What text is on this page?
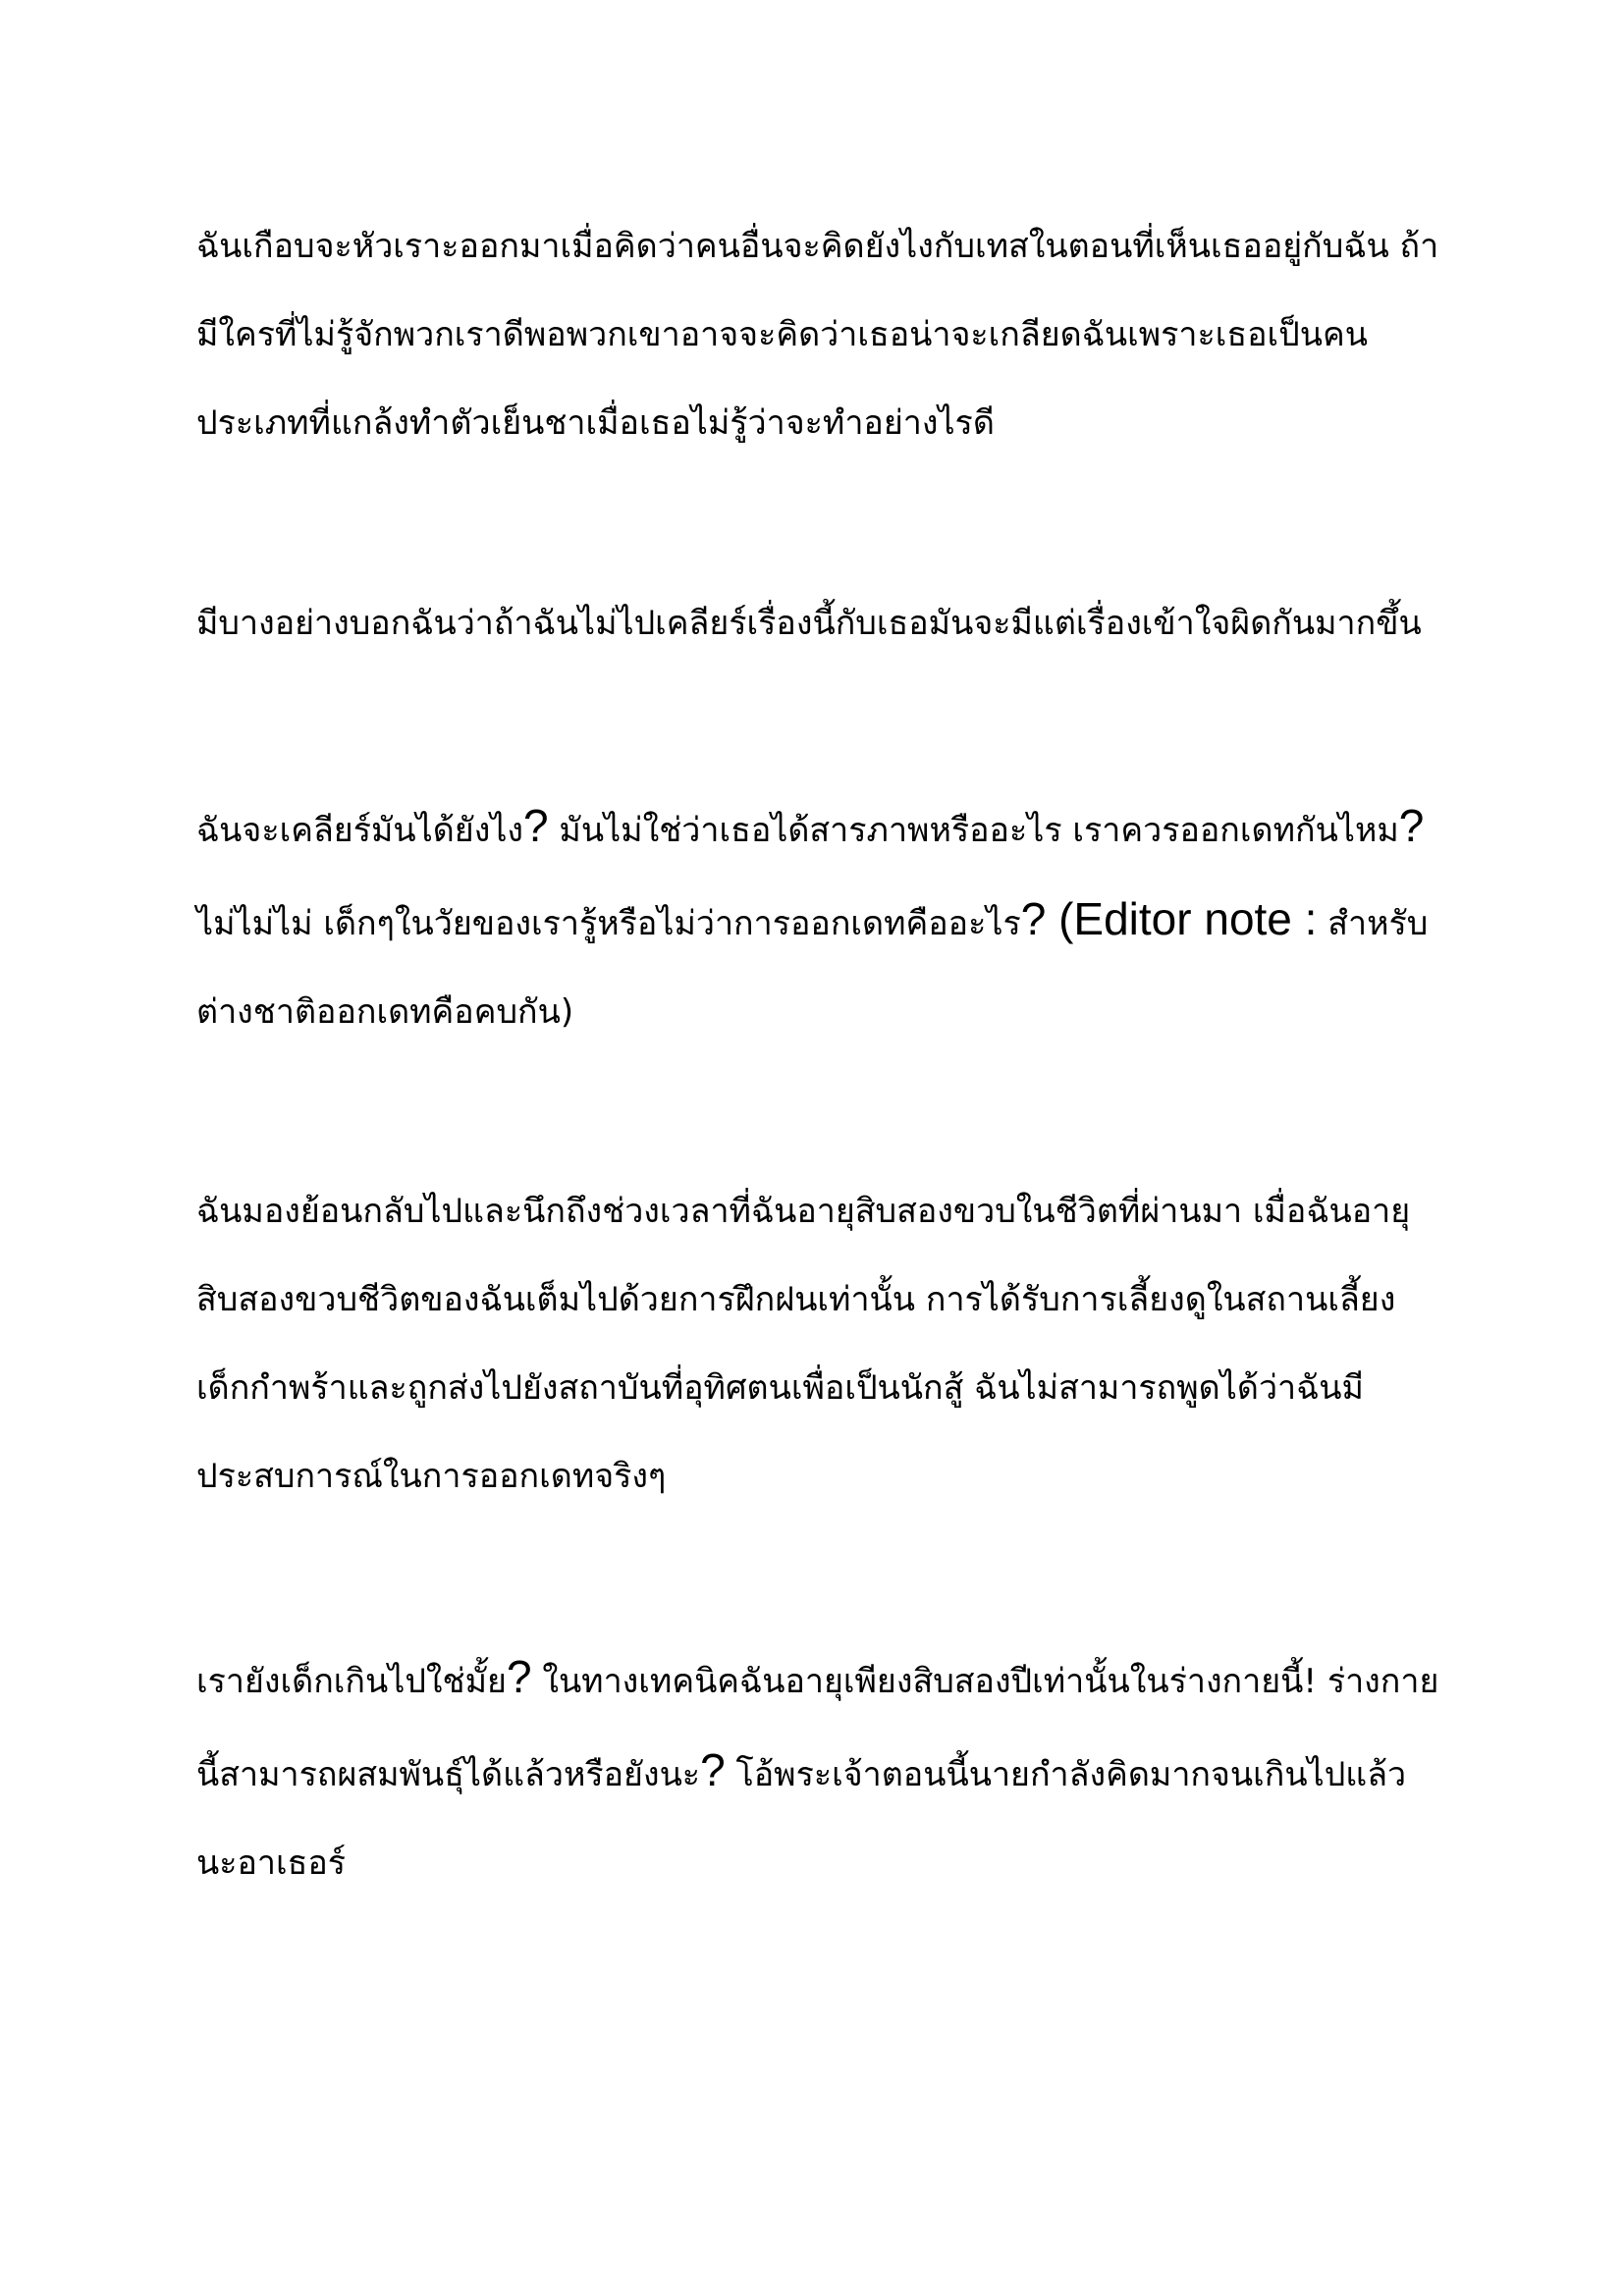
ฉันเกือบจะหัวเราะออกมาเมื่อคิดว่าคนอื่นจะคิดยังไงกับเทสในตอนที่เห็นเธออยู่กับฉัน ถ้ามีใครที่ไม่รู้จักพวกเราดีพอพวกเขาอาจจะคิดว่าเธอน่าจะเกลียดฉันเพราะเธอเป็นคนประเภทที่แกล้งทำตัวเย็นชาเมื่อเธอไม่รู้ว่าจะทำอย่างไรดี

มีบางอย่างบอกฉันว่าถ้าฉันไม่ไปเคลียร์เรื่องนี้กับเธอมันจะมีแต่เรื่องเข้าใจผิดกันมากขึ้น

ฉันจะเคลียร์มันได้ยังไง? มันไม่ใช่ว่าเธอได้สารภาพหรืออะไร เราควรออกเดทกันไหม? ไม่ไม่ไม่ เด็กๆในวัยของเรารู้หรือไม่ว่าการออกเดทคืออะไร? (Editor note : สำหรับต่างชาติออกเดทคือคบกัน)

ฉันมองย้อนกลับไปและนึกถึงช่วงเวลาที่ฉันอายุสิบสองขวบในชีวิตที่ผ่านมา เมื่อฉันอายุสิบสองขวบชีวิตของฉันเต็มไปด้วยการฝึกฝนเท่านั้น การได้รับการเลี้ยงดูในสถานเลี้ยงเด็กกำพร้าและถูกส่งไปยังสถาบันที่อุทิศตนเพื่อเป็นนักสู้ ฉันไม่สามารถพูดได้ว่าฉันมีประสบการณ์ในการออกเดทจริงๆ

เรายังเด็กเกินไปใช่มั้ย? ในทางเทคนิคฉันอายุเพียงสิบสองปีเท่านั้นในร่างกายนี้! ร่างกายนี้สามารถผสมพันธุ์ได้แล้วหรือยังนะ? โอ้พระเจ้าตอนนี้นายกำลังคิดมากจนเกินไปแล้วนะอาเธอร์
